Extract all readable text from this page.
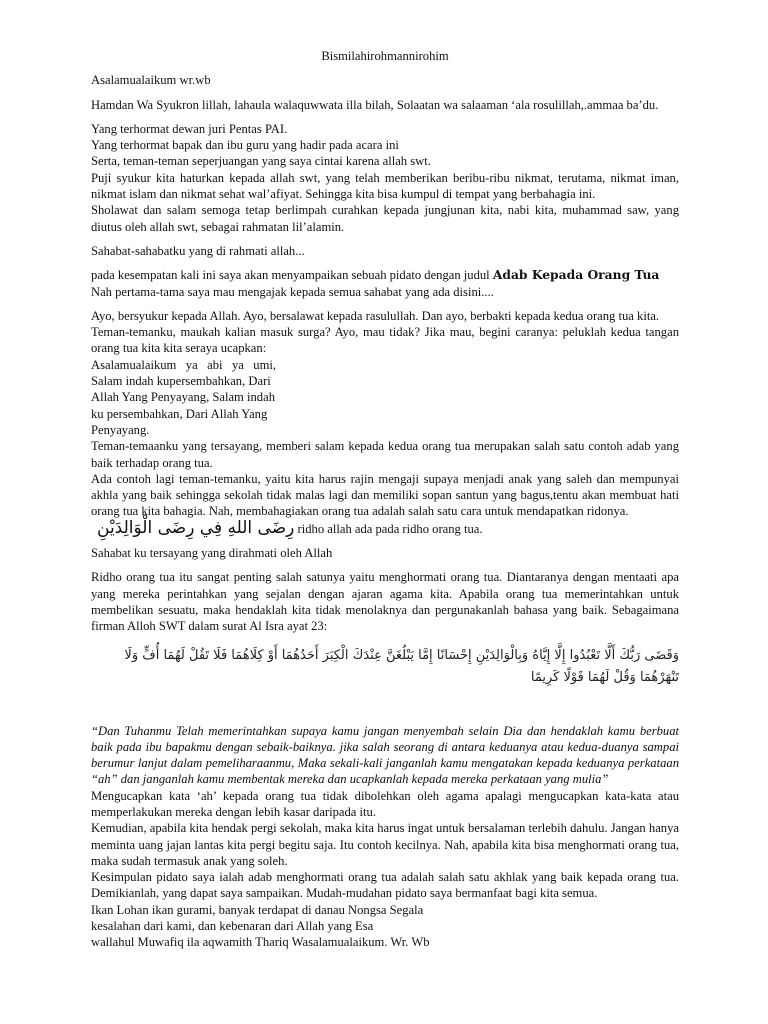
Bismilahirohmannirohim

Asalamualaikum wr.wb

Hamdan Wa Syukron lillah, lahaula walaquwwata illa bilah, Solaatan wa salaaman ‘ala rosulillah,.ammaa ba’du.

Yang terhormat dewan juri Pentas PAI.

Yang terhormat bapak dan ibu guru yang hadir pada acara ini

Serta, teman-teman seperjuangan yang saya cintai karena allah swt.

Puji syukur kita haturkan kepada allah swt, yang telah memberikan beribu-ribu nikmat, terutama, nikmat iman, nikmat islam dan nikmat sehat wal’afiyat. Sehingga kita bisa kumpul di tempat yang berbahagia ini.

Sholawat dan salam semoga tetap berlimpah curahkan kepada jungjunan kita, nabi kita, muhammad saw, yang diutus oleh allah swt, sebagai rahmatan lil’alamin.

Sahabat-sahabatku yang di rahmati allah...

pada kesempatan kali ini saya akan menyampaikan sebuah pidato dengan judul Adab Kepada Orang Tua

Nah pertama-tama saya mau mengajak kepada semua sahabat yang ada disini....

Ayo, bersyukur kepada Allah. Ayo, bersalawat kepada rasulullah. Dan ayo, berbakti kepada kedua orang tua kita.

Teman-temanku, maukah kalian masuk surga? Ayo, mau tidak? Jika mau, begini caranya: peluklah kedua tangan orang tua kita kita seraya ucapkan:

Asalamualaikum   ya   abi   ya   umi,

Salam indah kupersembahkan, Dari

Allah Yang Penyayang, Salam indah

ku persembahkan, Dari Allah Yang

Penyayang.

Teman-temaanku yang tersayang, memberi salam kepada kedua orang tua merupakan salah satu contoh adab yang baik terhadap orang tua.

Ada contoh lagi teman-temanku, yaitu kita harus rajin mengaji supaya menjadi anak yang saleh dan mempunyai akhla yang baik sehingga sekolah tidak malas lagi dan memiliki sopan santun yang bagus,tentu akan membuat hati orang tua kita bahagia. Nah, membahagiakan orang tua adalah salah satu cara untuk mendapatkan ridonya.

رِضَى اللهِ فِي رِضَى الْوَالِدَيْنِ ridho allah ada pada ridho orang tua.

Sahabat ku tersayang yang dirahmati oleh Allah

Ridho orang tua itu sangat penting salah satunya yaitu menghormati orang tua. Diantaranya dengan mentaati apa yang mereka perintahkan yang sejalan dengan ajaran agama kita. Apabila orang tua memerintahkan untuk membelikan sesuatu, maka hendaklah kita tidak menolaknya dan pergunakanlah bahasa yang baik. Sebagaimana firman Alloh SWT dalam surat Al Isra ayat 23:

وَقَضَى رَبُّكَ أَلَّا تَعْبُدُوا إِلَّا إِيَّاهُ وَبِالْوَالِدَيْنِ إِحْسَانًا إِمَّا يَبْلُغَنَّ عِنْدَكَ الْكِبَرَ أَحَدُهُمَا أَوْ كِلَاهُمَا فَلَا تَقُلْ لَهُمَا أُفٍّ وَلَا تَنْهَرْهُمَا وَقُلْ لَهُمَا قَوْلًا كَرِيمًا

“Dan Tuhanmu Telah memerintahkan supaya kamu jangan menyembah selain Dia dan hendaklah kamu berbuat baik pada ibu bapakmu dengan sebaik-baiknya. jika salah seorang di antara keduanya atau kedua-duanya sampai berumur lanjut dalam pemeliharaanmu, Maka sekali-kali janganlah kamu mengatakan kepada keduanya perkataan “ah” dan janganlah kamu membentak mereka dan ucapkanlah kepada mereka perkataan yang mulia”

Mengucapkan kata ‘ah’ kepada orang tua tidak dibolehkan oleh agama apalagi mengucapkan kata-kata atau memperlakukan mereka dengan lebih kasar daripada itu.

Kemudian, apabila kita hendak pergi sekolah, maka kita harus ingat untuk bersalaman terlebih dahulu. Jangan hanya meminta uang jajan lantas kita pergi begitu saja. Itu contoh kecilnya. Nah, apabila kita bisa menghormati orang tua, maka sudah termasuk anak yang soleh.

Kesimpulan pidato saya ialah adab menghormati orang tua adalah salah satu akhlak yang baik kepada orang tua. Demikianlah, yang dapat saya sampaikan. Mudah-mudahan pidato saya bermanfaat bagi kita semua.

Ikan Lohan ikan gurami, banyak terdapat di danau Nongsa Segala

kesalahan dari kami, dan kebenaran dari Allah yang Esa

wallahul Muwafiq ila aqwamith Thariq Wasalamualaikum. Wr. Wb
